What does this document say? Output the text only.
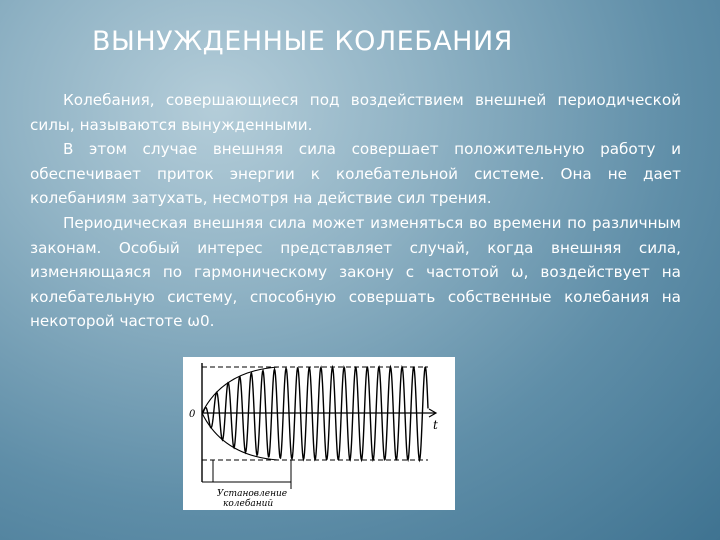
ВЫНУЖДЕННЫЕ КОЛЕБАНИЯ

Колебания, совершающиеся под воздействием внешней периодической силы, называются вынужденными.

В этом случае внешняя сила совершает положительную работу и обеспечивает приток энергии к колебательной системе. Она не дает колебаниям затухать, несмотря на действие сил трения.

Периодическая внешняя сила может изменяться во времени по различным законам. Особый интерес представляет случай, когда внешняя сила, изменяющаяся по гармоническому закону с частотой ω, воздействует на колебательную систему, способную совершать собственные колебания на некоторой частоте ω0.

0
t
Установление
колебаний
